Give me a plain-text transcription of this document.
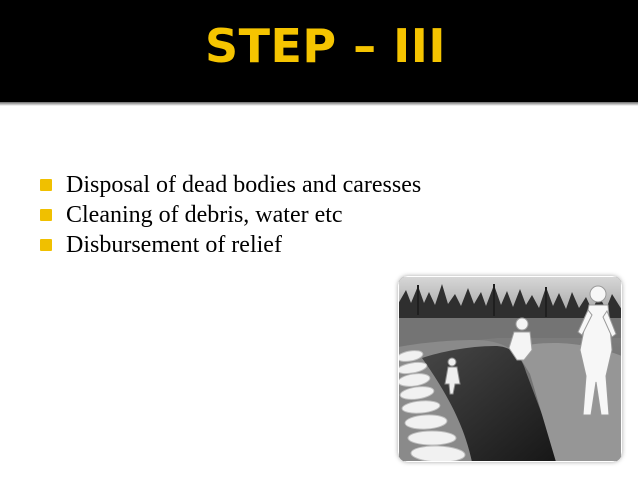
STEP – III
Disposal of dead bodies and caresses
Cleaning of debris, water etc
Disbursement of relief
